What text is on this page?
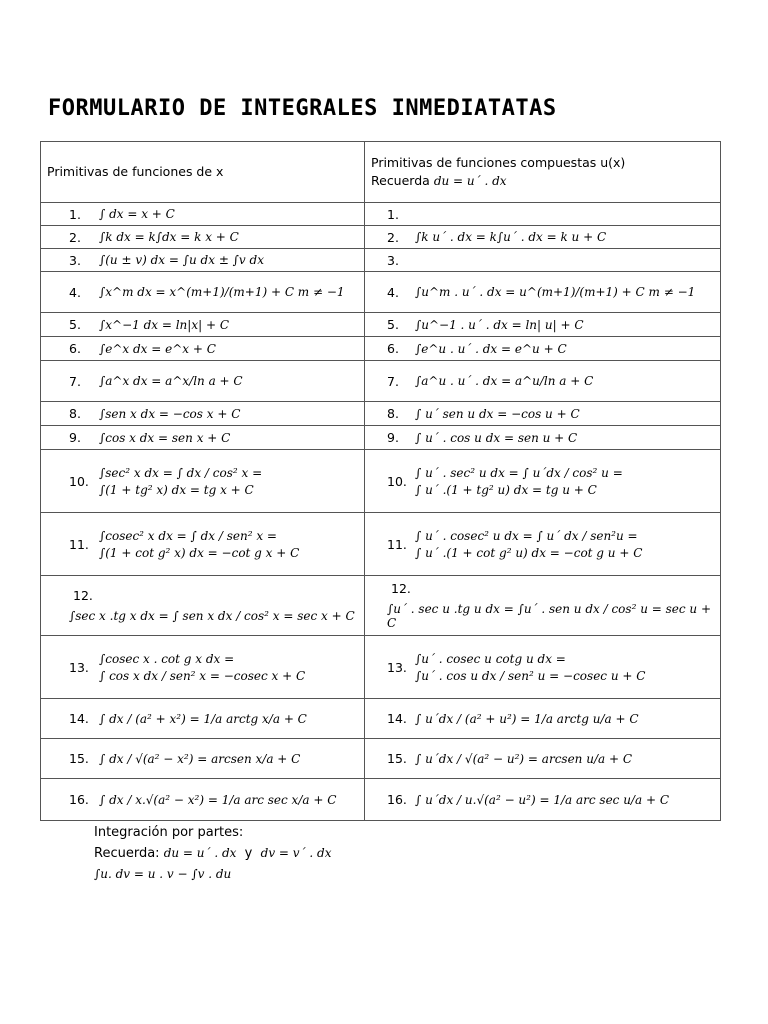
FORMULARIO DE INTEGRALES INMEDIATATAS
Primitivas de funciones de x	Primitivas de funciones compuestas u(x)
Recuerda du = u´ . dx

1. ∫ dx = x + C	1.

2. ∫k dx = k∫dx = k x + C	2. ∫k u´ . dx = k∫u´ . dx = k u + C

3. ∫(u ± v) dx = ∫u dx ± ∫v dx	3.

4. ∫x^m dx = x^(m+1)/(m+1) + C m ≠ −1	4. ∫u^m . u´ . dx = u^(m+1)/(m+1) + C m ≠ −1

5. ∫x^−1 dx = ln|x| + C	5. ∫u^−1 . u´ . dx = ln| u| + C

6. ∫e^x dx = e^x + C	6. ∫e^u . u´ . dx = e^u + C

7. ∫a^x dx = a^x/ln a + C	7. ∫a^u . u´ . dx = a^u/ln a + C

8. ∫sen x dx = −cos x + C	8. ∫ u´ sen u dx = −cos u + C

9. ∫cos x dx = sen x + C	9. ∫ u´ . cos u dx = sen u + C

10.
∫sec² x dx = ∫ dx / cos² x =
∫(1 + tg² x) dx = tg x + C	10.
∫ u´ . sec² u dx = ∫ u´dx / cos² u =
∫ u´ .(1 + tg² u) dx = tg u + C

11.
∫cosec² x dx = ∫ dx / sen² x =
∫(1 + cot g² x) dx = −cot g x + C	11.
∫ u´ . cosec² u dx = ∫ u´ dx / sen²u =
∫ u´ .(1 + cot g² u) dx = −cot g u + C

12.
∫sec x .tg x dx = ∫ sen x dx / cos² x = sec x + C	12.
∫u´ . sec u .tg u dx = ∫u´ . sen u dx / cos² u = sec u + C

13.
∫cosec x . cot g x dx =
∫ cos x dx / sen² x = −cosec x + C	13.
∫u´ . cosec u cotg u dx =
∫u´ . cos u dx / sen² u = −cosec u + C

14. ∫ dx / (a² + x²) = 1/a arctg x/a + C	14. ∫ u´dx / (a² + u²) = 1/a arctg u/a + C

15. ∫ dx / √(a² − x²) = arcsen x/a + C	15. ∫ u´dx / √(a² − u²) = arcsen u/a + C

16. ∫ dx / x.√(a² − x²) = 1/a arc sec x/a + C	16. ∫ u´dx / u.√(a² − u²) = 1/a arc sec u/a + C
Integración por partes:
Recuerda: du = u´ . dx y dv = v´ . dx
∫u. dv = u . v − ∫v . du
